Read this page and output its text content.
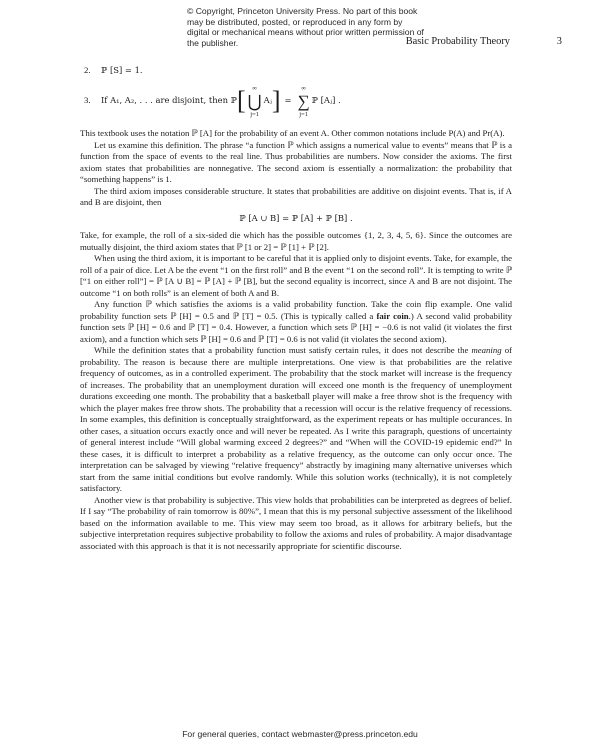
© Copyright, Princeton University Press. No part of this book may be distributed, posted, or reproduced in any form by digital or mechanical means without prior written permission of the publisher.	Basic Probability Theory	3
2.	ℙ [S] = 1.
3.	If A₁, A₂, . . . are disjoint, then ℙ [ ∞
⋃
j=1
Aⱼ ] =
∞
∑
j=1
ℙ [Aⱼ] .

This textbook uses the notation ℙ [A] for the probability of an event A. Other common notations include P(A) and Pr(A).

Let us examine this definition. The phrase “a function ℙ which assigns a numerical value to events” means that ℙ is a function from the space of events to the real line. Thus probabilities are numbers. Now consider the axioms. The first axiom states that probabilities are nonnegative. The second axiom is essentially a normalization: the probability that “something happens” is 1.

The third axiom imposes considerable structure. It states that probabilities are additive on disjoint events. That is, if A and B are disjoint, then

ℙ [A ∪ B] = ℙ [A] + ℙ [B] .

Take, for example, the roll of a six-sided die which has the possible outcomes {1, 2, 3, 4, 5, 6}. Since the outcomes are mutually disjoint, the third axiom states that ℙ [1 or 2] = ℙ [1] + ℙ [2].

When using the third axiom, it is important to be careful that it is applied only to disjoint events. Take, for example, the roll of a pair of dice. Let A be the event “1 on the first roll” and B the event “1 on the second roll”. It is tempting to write ℙ [“1 on either roll”] = ℙ [A ∪ B] = ℙ [A] + ℙ [B], but the second equality is incorrect, since A and B are not disjoint. The outcome “1 on both rolls” is an element of both A and B.

Any function ℙ which satisfies the axioms is a valid probability function. Take the coin flip example. One valid probability function sets ℙ [H] = 0.5 and ℙ [T] = 0.5. (This is typically called a fair coin.) A second valid probability function sets ℙ [H] = 0.6 and ℙ [T] = 0.4. However, a function which sets ℙ [H] = −0.6 is not valid (it violates the first axiom), and a function which sets ℙ [H] = 0.6 and ℙ [T] = 0.6 is not valid (it violates the second axiom).

While the definition states that a probability function must satisfy certain rules, it does not describe the meaning of probability. The reason is because there are multiple interpretations. One view is that probabilities are the relative frequency of outcomes, as in a controlled experiment. The probability that the stock market will increase is the frequency of increases. The probability that an unemployment duration will exceed one month is the frequency of unemployment durations exceeding one month. The probability that a basketball player will make a free throw shot is the frequency with which the player makes free throw shots. The probability that a recession will occur is the relative frequency of recessions. In some examples, this definition is conceptually straightforward, as the experiment repeats or has multiple occurances. In other cases, a situation occurs exactly once and will never be repeated. As I write this paragraph, questions of uncertainty of general interest include “Will global warming exceed 2 degrees?” and “When will the COVID-19 epidemic end?” In these cases, it is difficult to interpret a probability as a relative frequency, as the outcome can only occur once. The interpretation can be salvaged by viewing “relative frequency” abstractly by imagining many alternative universes which start from the same initial conditions but evolve randomly. While this solution works (technically), it is not completely satisfactory.

Another view is that probability is subjective. This view holds that probabilities can be interpreted as degrees of belief. If I say “The probability of rain tomorrow is 80%”, I mean that this is my personal subjective assessment of the likelihood based on the information available to me. This view may seem too broad, as it allows for arbitrary beliefs, but the subjective interpretation requires subjective probability to follow the axioms and rules of probability. A major disadvantage associated with this approach is that it is not necessarily appropriate for scientific discourse.

For general queries, contact webmaster@press.princeton.edu
